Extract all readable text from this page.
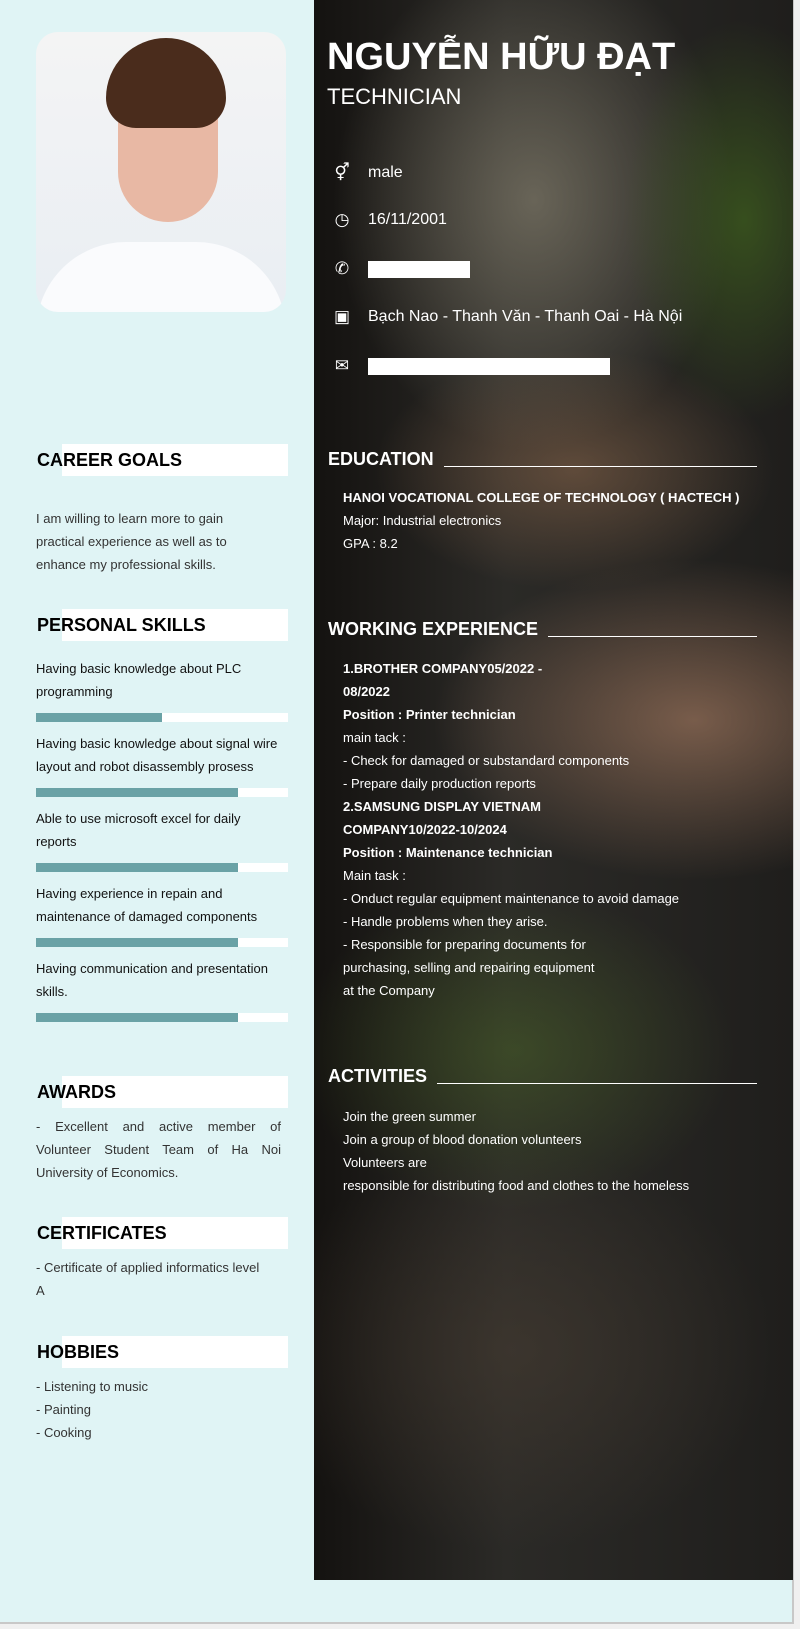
CAREER GOALS
I am willing to learn more to gain
practical experience as well as to
enhance my professional skills.
PERSONAL SKILLS
Having basic knowledge about PLC
programming
Having basic knowledge about signal wire
layout and robot disassembly prosess
Able to use microsoft excel for daily
reports
Having experience in repain and
maintenance of damaged components
Having communication and presentation
skills.
AWARDS
- Excellent and active member of
Volunteer Student Team of Ha Noi
University of Economics.
CERTIFICATES
- Certificate of applied informatics level
A
HOBBIES
- Listening to music
- Painting
- Cooking
NGUYỄN HỮU ĐẠT
TECHNICIAN
⚥ male
◷ 16/11/2001
✆
▣ Bạch Nao - Thanh Văn - Thanh Oai - Hà Nội
✉
EDUCATION
HANOI VOCATIONAL COLLEGE OF TECHNOLOGY ( HACTECH )
Major: Industrial electronics
GPA : 8.2
WORKING EXPERIENCE
1.BROTHER COMPANY05/2022 -
08/2022
Position : Printer technician
main tack :
- Check for damaged or substandard components
- Prepare daily production reports
2.SAMSUNG DISPLAY VIETNAM
COMPANY10/2022-10/2024
Position : Maintenance technician
Main task :
- Onduct regular equipment maintenance to avoid damage
- Handle problems when they arise.
- Responsible for preparing documents for
purchasing, selling and repairing equipment
at the Company
ACTIVITIES
Join the green summer
Join a group of blood donation volunteers
Volunteers are
responsible for distributing food and clothes to the homeless
